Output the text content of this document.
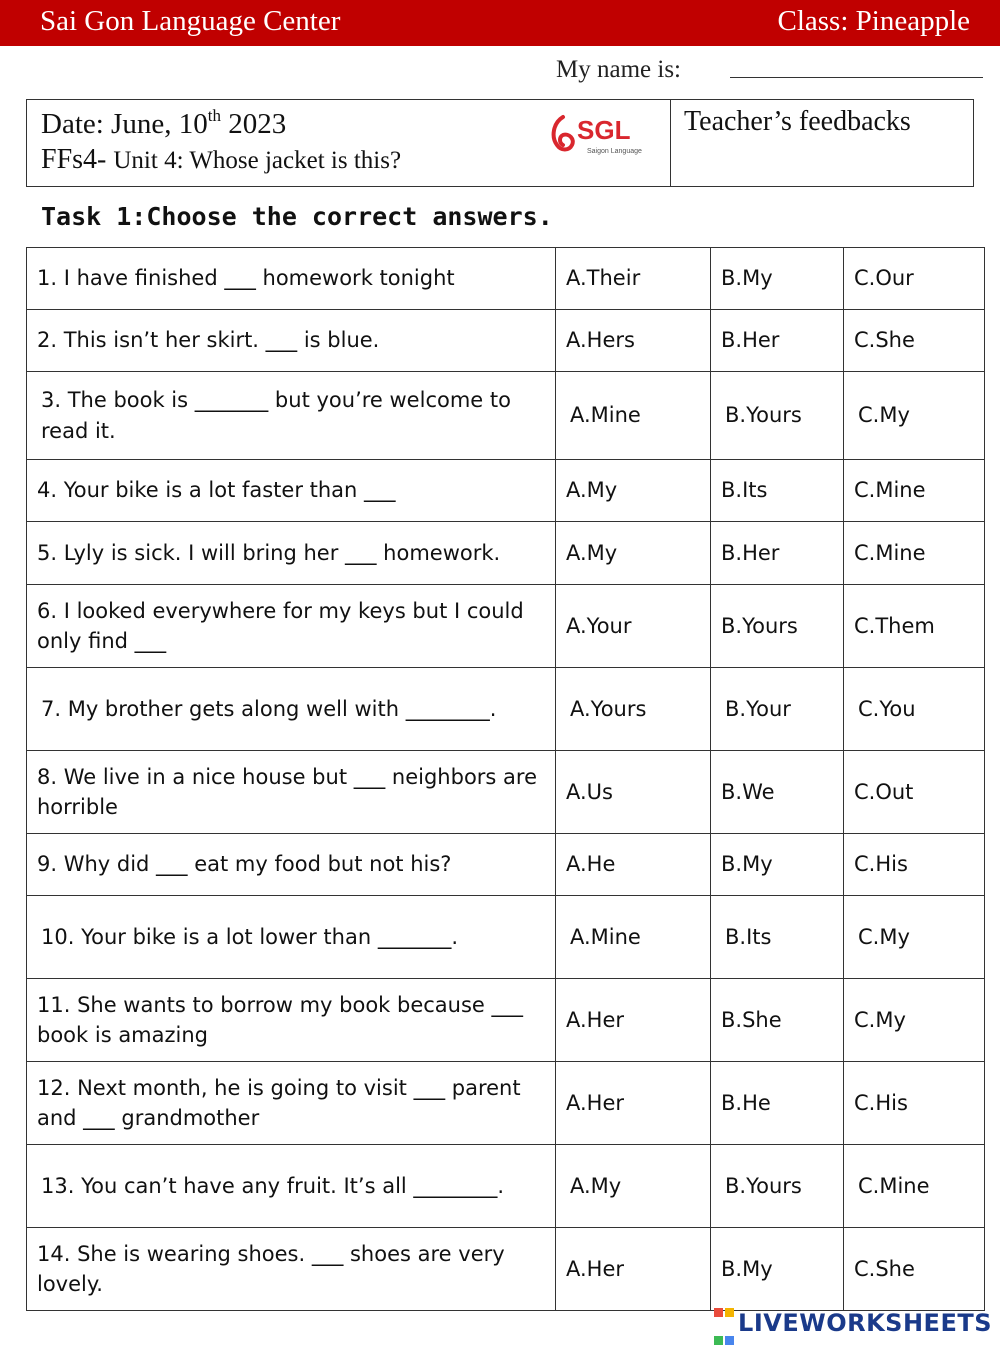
Sai Gon Language Center	Class: Pineapple
My name is:
Date: June, 10th 2023
FFs4- Unit 4: Whose jacket is this?
SGL
Saigon Language
Teacher’s feedbacks
Task 1:Choose the correct answers.
1. I have finished ___ homework tonight	A.Their	B.My	C.Our
2. This isn’t her skirt. ___ is blue.	A.Hers	B.Her	C.She
3. The book is _______ but you’re welcome to read it.	A.Mine	B.Yours	C.My
4. Your bike is a lot faster than ___	A.My	B.Its	C.Mine
5. Lyly is sick. I will bring her ___ homework.	A.My	B.Her	C.Mine
6. I looked everywhere for my keys but I could only find ___	A.Your	B.Yours	C.Them
7. My brother gets along well with ________.	A.Yours	B.Your	C.You
8. We live in a nice house but ___ neighbors are horrible	A.Us	B.We	C.Out
9. Why did ___ eat my food but not his?	A.He	B.My	C.His
10. Your bike is a lot lower than _______.	A.Mine	B.Its	C.My
11. She wants to borrow my book because ___ book is amazing	A.Her	B.She	C.My
12. Next month, he is going to visit ___ parent and ___ grandmother	A.Her	B.He	C.His
13. You can’t have any fruit. It’s all ________.	A.My	B.Yours	C.Mine
14. She is wearing shoes. ___ shoes are very lovely.	A.Her	B.My	C.She

LIVEWORKSHEETS
